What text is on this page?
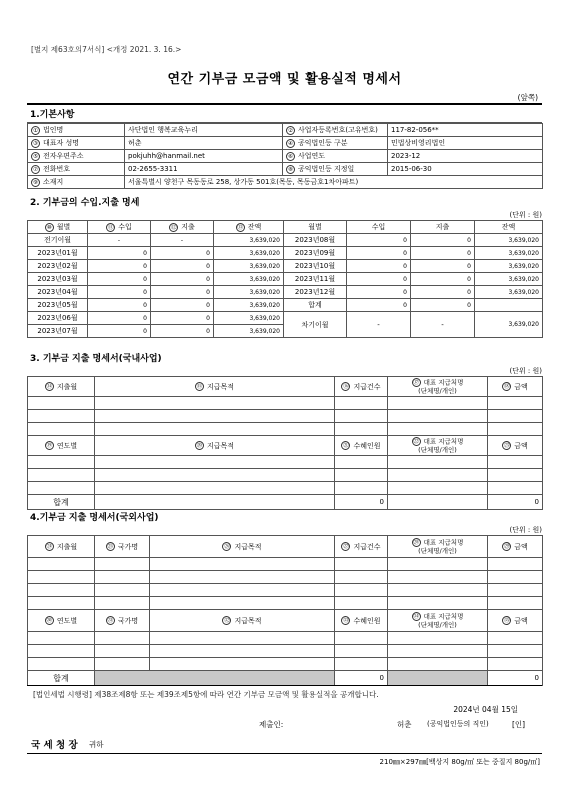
[별지 제63호의7서식] <개정 2021. 3. 16.>
연간 기부금 모금액 및 활용실적 명세서
(앞쪽)
1.기본사항
① 법인명	사단법인 행복교육누리	② 사업자등록번호(고유번호)	117-82-056**
③ 대표자 성명	허춘	④ 공익법인등 구분	민법상비영리법인
⑤ 전자우편주소	pokjuhh@hanmail.net	⑥ 사업연도	2023-12
⑦ 전화번호	02-2655-3311	⑧ 공익법인등 지정일	2015-06-30
⑨ 소재지	서울특별시 양천구 목동동로 258, 상가동 501호(목동, 목동금호1차아파트)		
2. 기부금의 수입.지출 명세
(단위 : 원)
⑩ 월별	⑪ 수입	⑫ 지출	⑬ 잔액	월별	수입	지출	잔액
전기이월	-	-	3,639,020	2023년08월	0	0	3,639,020
2023년01월	0	0	3,639,020	2023년09월	0	0	3,639,020
2023년02월	0	0	3,639,020	2023년10월	0	0	3,639,020
2023년03월	0	0	3,639,020	2023년11월	0	0	3,639,020
2023년04월	0	0	3,639,020	2023년12월	0	0	3,639,020
2023년05월	0	0	3,639,020	합계	0	0	
2023년06월	0	0	3,639,020	차기이월	-	-	3,639,020
2023년07월	0	0	3,639,020				
3. 기부금 지출 명세서(국내사업)
(단위 : 원)
⑭ 지출월	⑮ 지급목적	⑯ 지급건수	⑰ 대표 지급처명
(단체명/개인)	⑱ 금액

⑲ 연도별	⑳ 지급목적	㉑ 수혜인원	㉒ 대표 지급처명
(단체명/개인)	㉓ 금액

합계		0		0
4.기부금 지출 명세서(국외사업)
(단위 : 원)
㉔ 지출월	㉕ 국가명	㉖ 지급목적	㉗ 지급건수	㉘ 대표 지급처명
(단체명/개인)	㉙ 금액

㉚ 연도별	㉛ 국가명	㉜ 지급목적	㉝ 수혜인원	㉞ 대표 지급처명
(단체명/개인)	㉟ 금액

합계			0		0
[법인세법 시행령] 제38조제8항 또는 제39조제5항에 따라 연간 기부금 모금액 및 활용실적을 공개합니다.
2024년 04월 15일
제출인:	허춘 (공익법인등의 직인)	[인]
국 세 청 장 귀하
210㎜×297㎜[백상지 80g/㎡ 또는 중질지 80g/㎡]
